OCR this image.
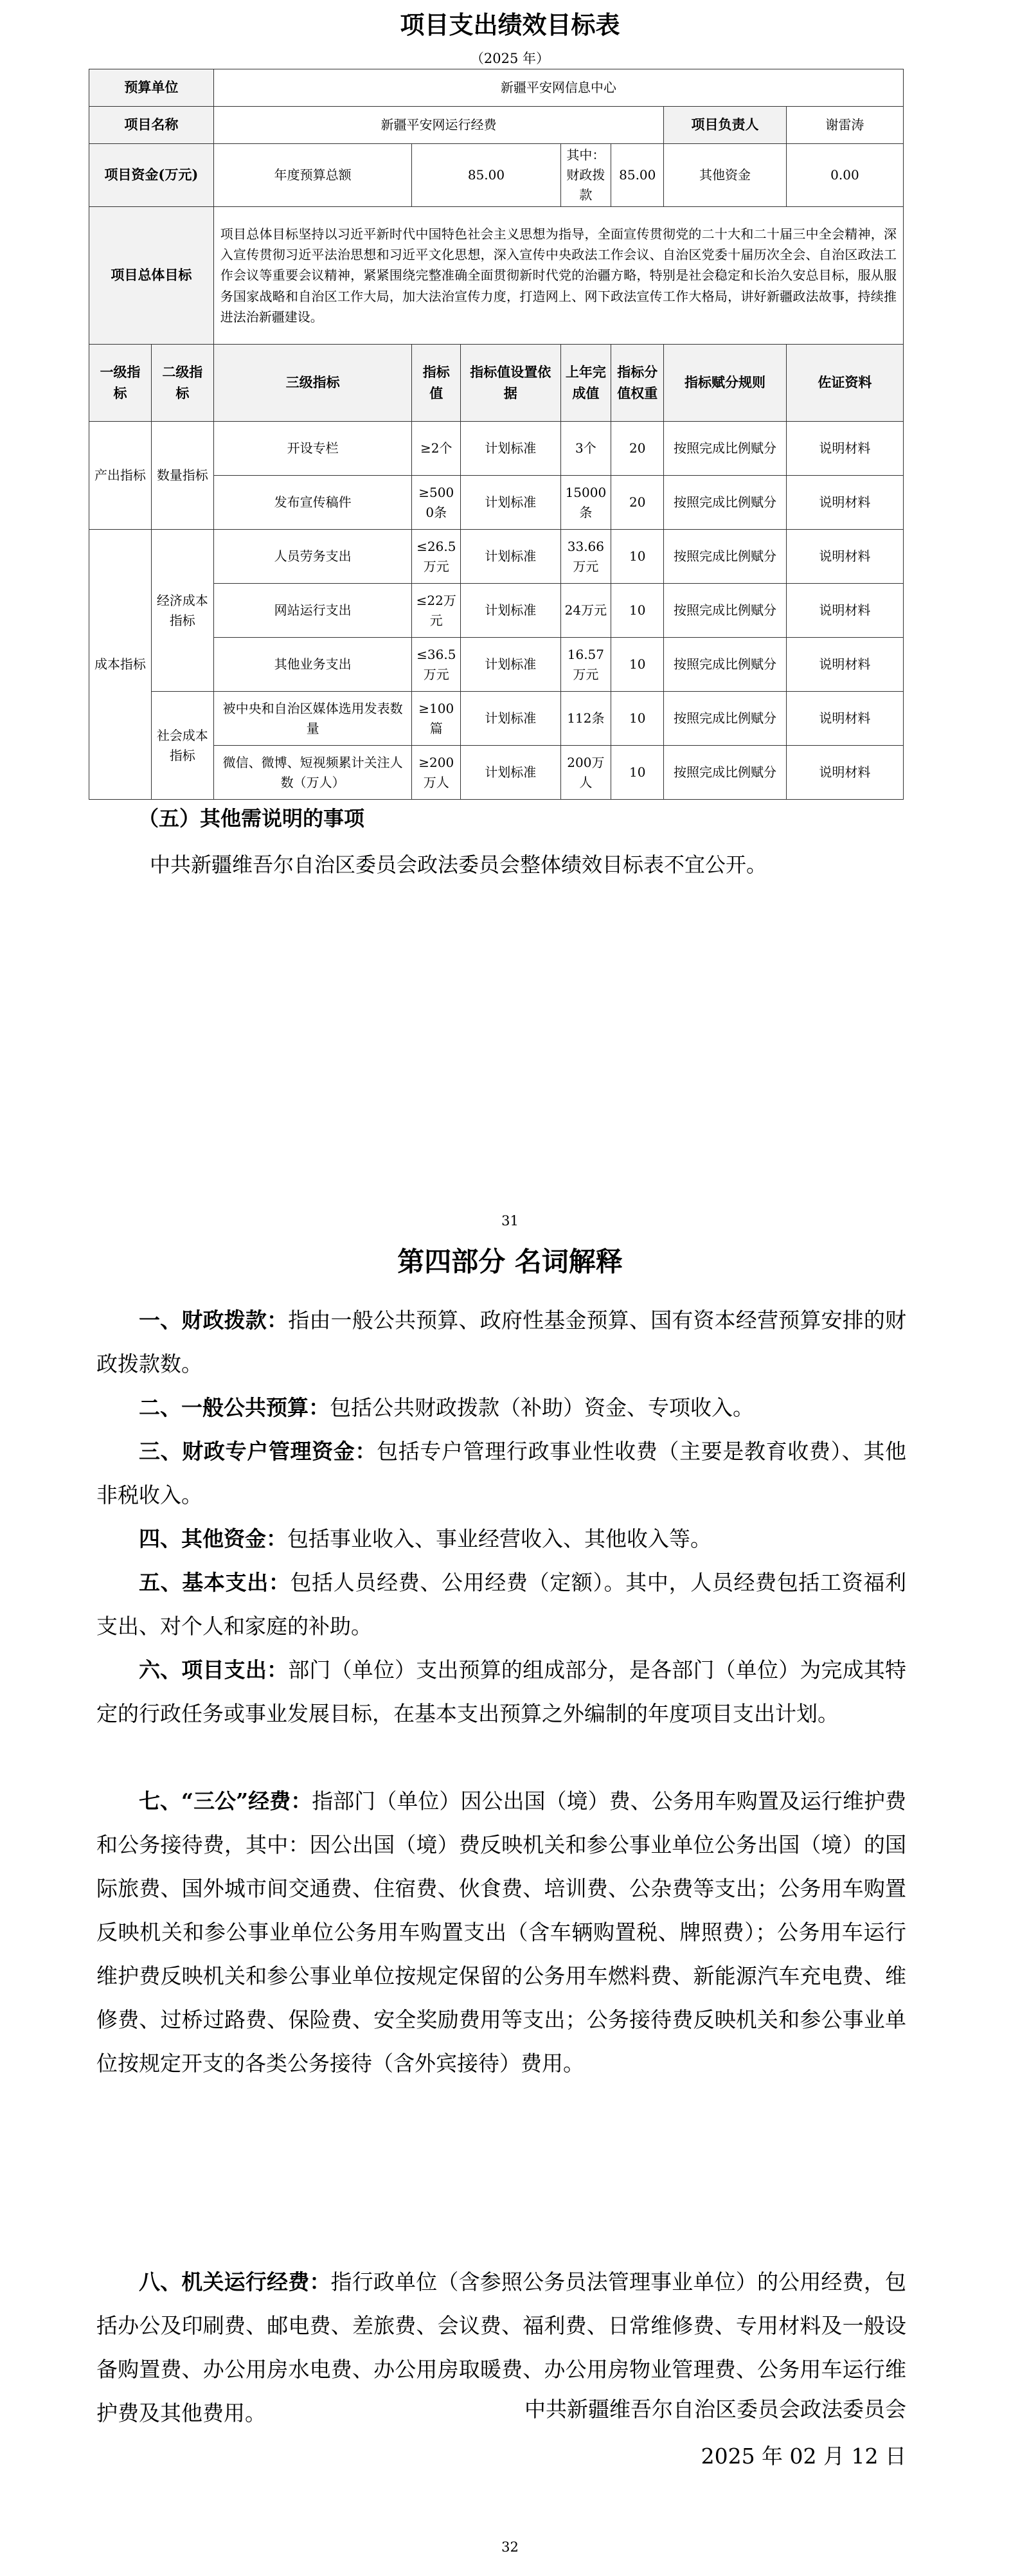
项目支出绩效目标表
（2025 年）
预算单位		新疆平安网信息中心						
项目名称		新疆平安网运行经费					项目负责人	谢雷涛
项目资金(万元)		年度预算总额	85.00		其中：财政拨款	85.00	其他资金	0.00
项目总体目标		项目总体目标坚持以习近平新时代中国特色社会主义思想为指导，全面宣传贯彻党的二十大和二十届三中全会精神，深入宣传贯彻习近平法治思想和习近平文化思想，深入宣传中央政法工作会议、自治区党委十届历次全会、自治区政法工作会议等重要会议精神，紧紧围绕完整准确全面贯彻新时代党的治疆方略，特别是社会稳定和长治久安总目标，服从服务国家战略和自治区工作大局，加大法治宣传力度，打造网上、网下政法宣传工作大格局，讲好新疆政法故事，持续推进法治新疆建设。						
一级指标	二级指标	三级指标	指标值	指标值设置依据	上年完成值	指标分值权重	指标赋分规则	佐证资料
产出指标	数量指标	开设专栏	≥2个	计划标准	3个	20	按照完成比例赋分	说明材料
		发布宣传稿件	≥5000条	计划标准	15000条	20	按照完成比例赋分	说明材料
成本指标	经济成本指标	人员劳务支出	≤26.5万元	计划标准	33.66万元	10	按照完成比例赋分	说明材料
		网站运行支出	≤22万元	计划标准	24万元	10	按照完成比例赋分	说明材料
		其他业务支出	≤36.5万元	计划标准	16.57万元	10	按照完成比例赋分	说明材料
	社会成本指标	被中央和自治区媒体选用发表数量	≥100篇	计划标准	112条	10	按照完成比例赋分	说明材料
		微信、微博、短视频累计关注人数（万人）	≥200万人	计划标准	200万人	10	按照完成比例赋分	说明材料
（五）其他需说明的事项
中共新疆维吾尔自治区委员会政法委员会整体绩效目标表不宜公开。
31
第四部分 名词解释

一、财政拨款：指由一般公共预算、政府性基金预算、国有资本经营预算安排的财政拨款数。

二、一般公共预算：包括公共财政拨款（补助）资金、专项收入。

三、财政专户管理资金：包括专户管理行政事业性收费（主要是教育收费）、其他非税收入。

四、其他资金：包括事业收入、事业经营收入、其他收入等。

五、基本支出：包括人员经费、公用经费（定额）。其中，人员经费包括工资福利支出、对个人和家庭的补助。

六、项目支出：部门（单位）支出预算的组成部分，是各部门（单位）为完成其特定的行政任务或事业发展目标，在基本支出预算之外编制的年度项目支出计划。

七、“三公”经费：指部门（单位）因公出国（境）费、公务用车购置及运行维护费和公务接待费，其中：因公出国（境）费反映机关和参公事业单位公务出国（境）的国际旅费、国外城市间交通费、住宿费、伙食费、培训费、公杂费等支出；公务用车购置反映机关和参公事业单位公务用车购置支出（含车辆购置税、牌照费）；公务用车运行维护费反映机关和参公事业单位按规定保留的公务用车燃料费、新能源汽车充电费、维修费、过桥过路费、保险费、安全奖励费用等支出；公务接待费反映机关和参公事业单位按规定开支的各类公务接待（含外宾接待）费用。

八、机关运行经费：指行政单位（含参照公务员法管理事业单位）的公用经费，包括办公及印刷费、邮电费、差旅费、会议费、福利费、日常维修费、专用材料及一般设备购置费、办公用房水电费、办公用房取暖费、办公用房物业管理费、公务用车运行维护费及其他费用。	中共新疆维吾尔自治区委员会政法委员会
2025 年 02 月 12 日
32
